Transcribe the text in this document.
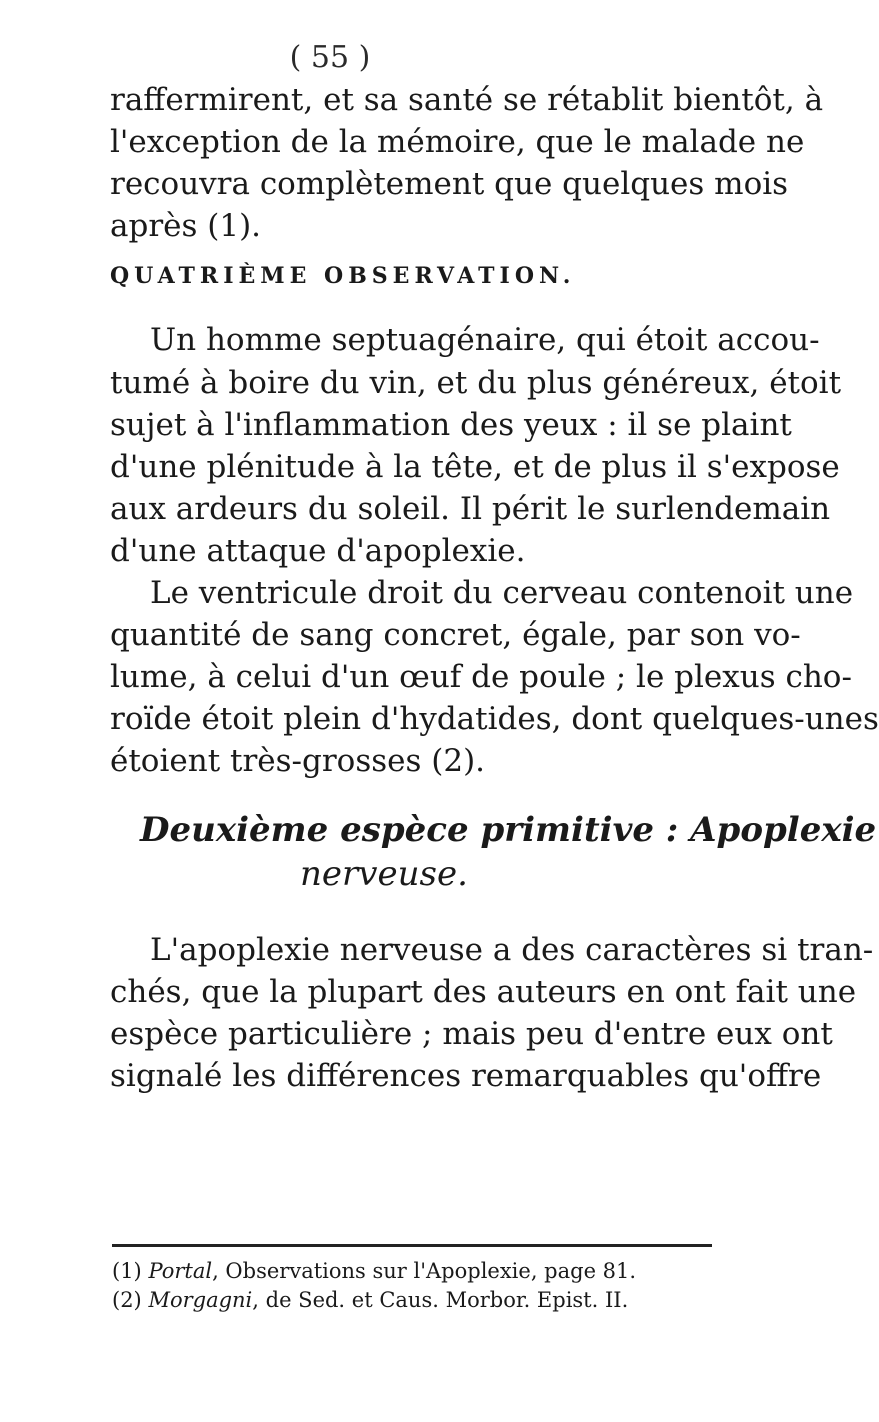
( 55 )
raffermirent, et sa santé se rétablit bientôt, à
l'exception de la mémoire, que le malade ne
recouvra complètement que quelques mois
après (1).
QUATRIÈME OBSERVATION.
Un homme septuagénaire, qui étoit accou-
tumé à boire du vin, et du plus généreux, étoit
sujet à l'inflammation des yeux : il se plaint
d'une plénitude à la tête, et de plus il s'expose
aux ardeurs du soleil. Il périt le surlendemain
d'une attaque d'apoplexie.
Le ventricule droit du cerveau contenoit une
quantité de sang concret, égale, par son vo-
lume, à celui d'un œuf de poule ; le plexus cho-
roïde étoit plein d'hydatides, dont quelques-unes
étoient très-grosses (2).
Deuxième espèce primitive : Apoplexie
nerveuse.
L'apoplexie nerveuse a des caractères si tran-
chés, que la plupart des auteurs en ont fait une
espèce particulière ; mais peu d'entre eux ont
signalé les différences remarquables qu'offre
(1) Portal, Observations sur l'Apoplexie, page 81.
(2) Morgagni, de Sed. et Caus. Morbor. Epist. II.
